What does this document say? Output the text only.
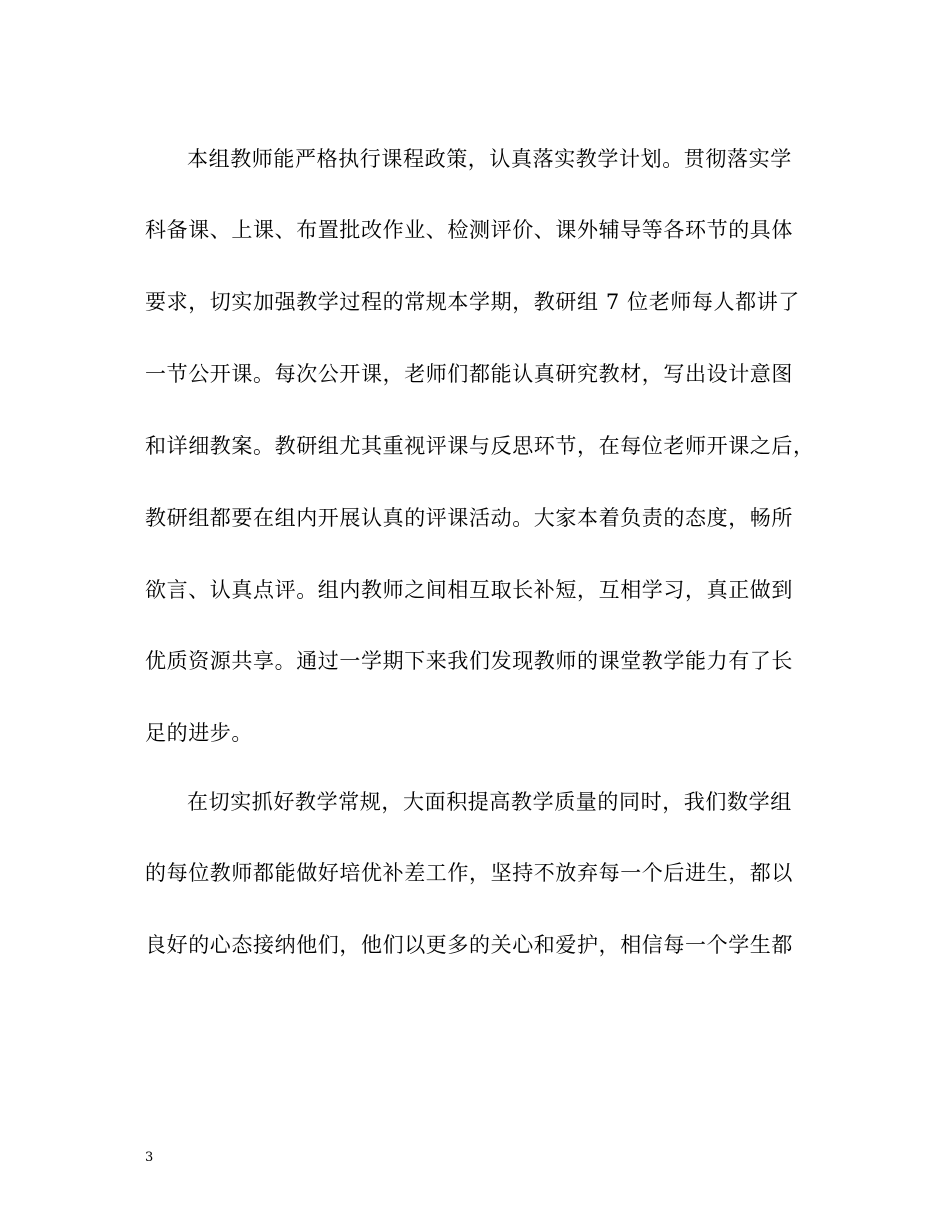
本组教师能严格执行课程政策，认真落实教学计划。贯彻落实学
科备课、上课、布置批改作业、检测评价、课外辅导等各环节的具体
要求，切实加强教学过程的常规本学期，教研组 7 位老师每人都讲了
一节公开课。每次公开课，老师们都能认真研究教材，写出设计意图
和详细教案。教研组尤其重视评课与反思环节，在每位老师开课之后，
教研组都要在组内开展认真的评课活动。大家本着负责的态度，畅所
欲言、认真点评。组内教师之间相互取长补短，互相学习，真正做到
优质资源共享。通过一学期下来我们发现教师的课堂教学能力有了长
足的进步。
在切实抓好教学常规，大面积提高教学质量的同时，我们数学组
的每位教师都能做好培优补差工作，坚持不放弃每一个后进生，都以
良好的心态接纳他们，他们以更多的关心和爱护，相信每一个学生都
3
